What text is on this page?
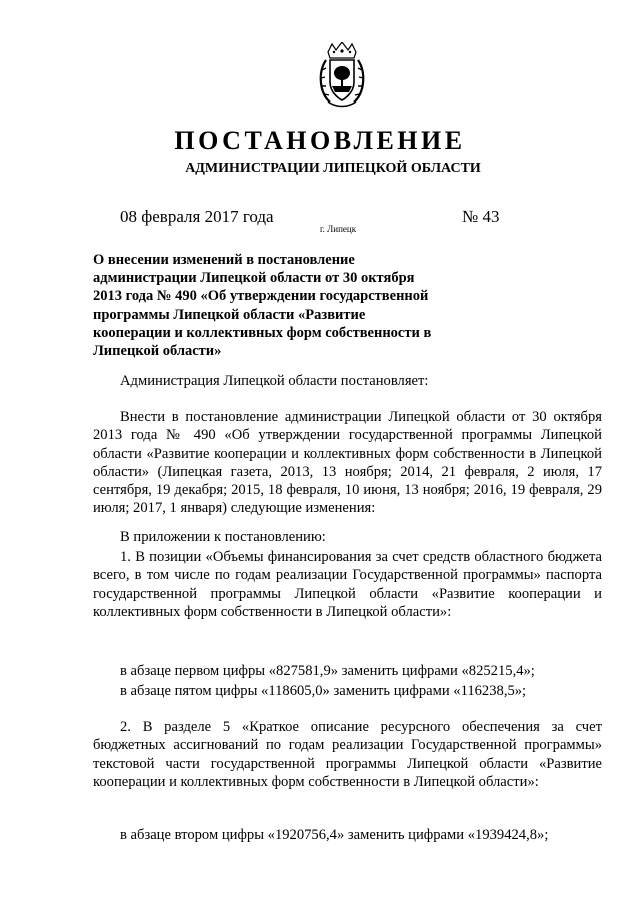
ПОСТАНОВЛЕНИЕ
АДМИНИСТРАЦИИ ЛИПЕЦКОЙ ОБЛАСТИ
08 февраля 2017 года
г. Липецк
№ 43
О внесении изменений в постановление администрации Липецкой области от 30 октября 2013 года № 490 «Об утверждении государственной программы Липецкой области «Развитие кооперации и коллективных форм собственности в Липецкой области»
Администрация Липецкой области постановляет:
Внести в постановление администрации Липецкой области от 30 октября 2013 года № 490 «Об утверждении государственной программы Липецкой области «Развитие кооперации и коллективных форм собственности в Липецкой области» (Липецкая газета, 2013, 13 ноября; 2014, 21 февраля, 2 июля, 17 сентября, 19 декабря; 2015, 18 февраля, 10 июня, 13 ноября; 2016, 19 февраля, 29 июля; 2017, 1 января) следующие изменения:
В приложении к постановлению:
1. В позиции «Объемы финансирования за счет средств областного бюджета всего, в том числе по годам реализации Государственной программы» паспорта государственной программы Липецкой области «Развитие кооперации и коллективных форм собственности в Липецкой области»:
в абзаце первом цифры «827581,9» заменить цифрами «825215,4»;
в абзаце пятом цифры «118605,0» заменить цифрами «116238,5»;
2. В разделе 5 «Краткое описание ресурсного обеспечения за счет бюджетных ассигнований по годам реализации Государственной программы» текстовой части государственной программы Липецкой области «Развитие кооперации и коллективных форм собственности в Липецкой области»:
в абзаце втором цифры «1920756,4» заменить цифрами «1939424,8»;
